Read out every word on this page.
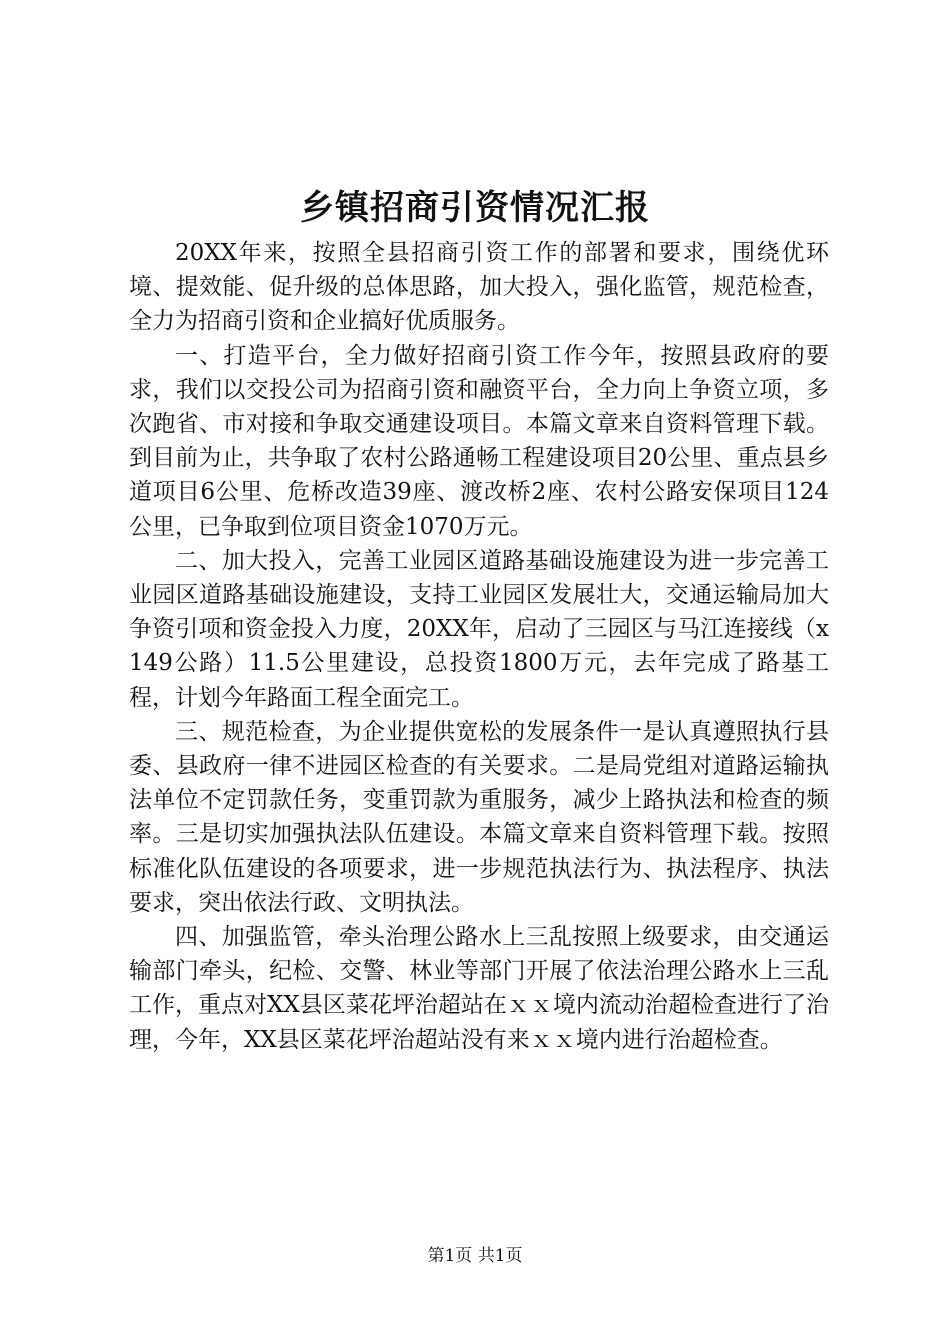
乡镇招商引资情况汇报

20XX年来，按照全县招商引资工作的部署和要求，围绕优环境、提效能、促升级的总体思路，加大投入，强化监管，规范检查，全力为招商引资和企业搞好优质服务。

一、打造平台，全力做好招商引资工作今年，按照县政府的要求，我们以交投公司为招商引资和融资平台，全力向上争资立项，多次跑省、市对接和争取交通建设项目。本篇文章来自资料管理下载。到目前为止，共争取了农村公路通畅工程建设项目20公里、重点县乡道项目6公里、危桥改造39座、渡改桥2座、农村公路安保项目124公里，已争取到位项目资金1070万元。

二、加大投入，完善工业园区道路基础设施建设为进一步完善工业园区道路基础设施建设，支持工业园区发展壮大，交通运输局加大争资引项和资金投入力度，20XX年，启动了三园区与马江连接线（x149公路）11.5公里建设，总投资1800万元，去年完成了路基工程，计划今年路面工程全面完工。

三、规范检查，为企业提供宽松的发展条件一是认真遵照执行县委、县政府一律不进园区检查的有关要求。二是局党组对道路运输执法单位不定罚款任务，变重罚款为重服务，减少上路执法和检查的频率。三是切实加强执法队伍建设。本篇文章来自资料管理下载。按照标准化队伍建设的各项要求，进一步规范执法行为、执法程序、执法要求，突出依法行政、文明执法。

四、加强监管，牵头治理公路水上三乱按照上级要求，由交通运输部门牵头，纪检、交警、林业等部门开展了依法治理公路水上三乱工作，重点对XX县区菜花坪治超站在ｘｘ境内流动治超检查进行了治理，今年，XX县区菜花坪治超站没有来ｘｘ境内进行治超检查。

第1页 共1页
